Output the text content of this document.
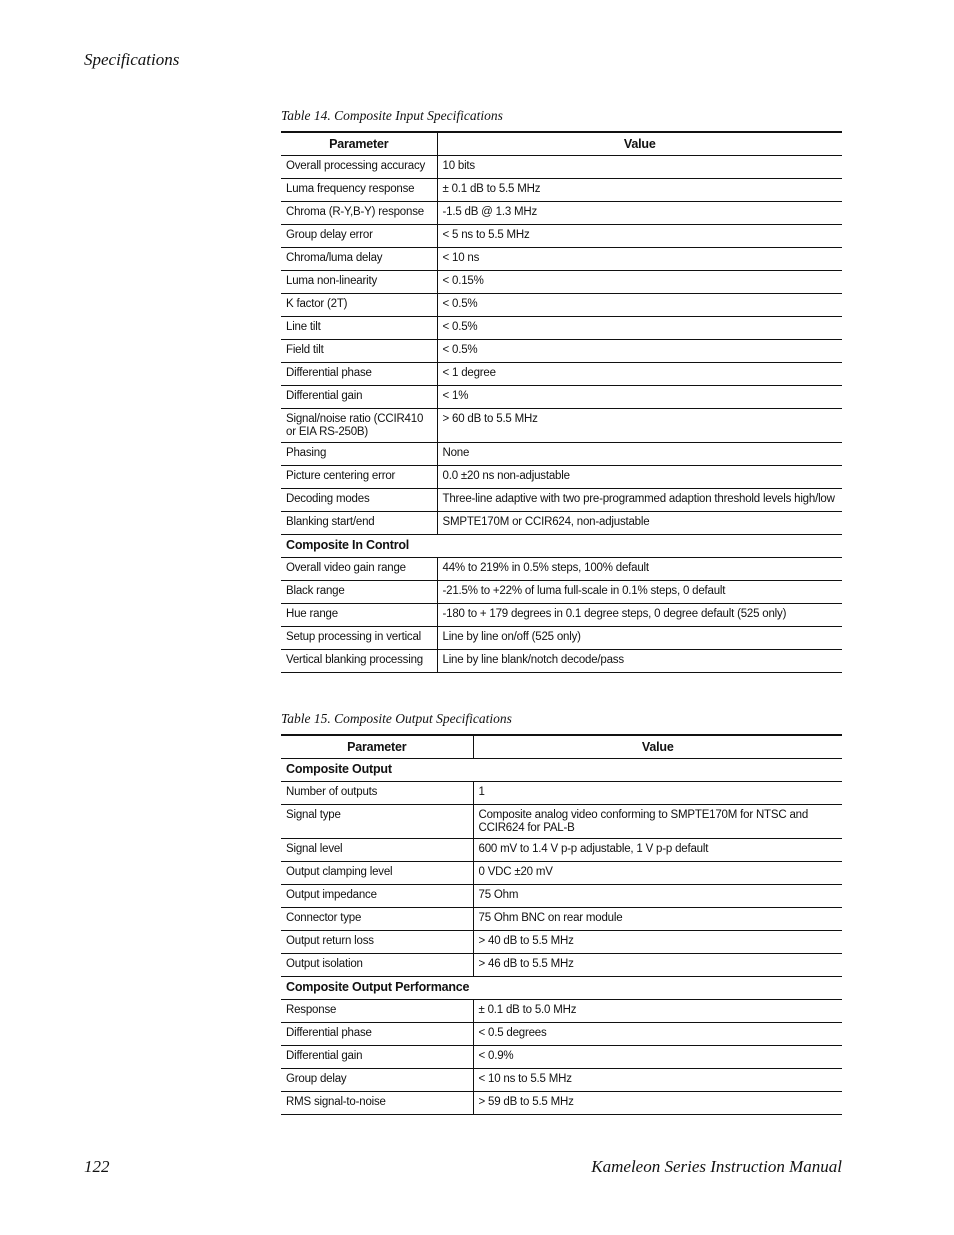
Specifications
Table 14. Composite Input Specifications
Parameter	Value
Overall processing accuracy	10 bits
Luma frequency response	± 0.1 dB to 5.5 MHz
Chroma (R-Y,B-Y) response	-1.5 dB @ 1.3 MHz
Group delay error	< 5 ns to 5.5 MHz
Chroma/luma delay	< 10 ns
Luma non-linearity	< 0.15%
K factor (2T)	< 0.5%
Line tilt	< 0.5%
Field tilt	< 0.5%
Differential phase	< 1 degree
Differential gain	< 1%
Signal/noise ratio (CCIR410 or EIA RS-250B)	> 60 dB to 5.5 MHz
Phasing	None
Picture centering error	0.0 ±20 ns non-adjustable
Decoding modes	Three-line adaptive with two pre-programmed adaption threshold levels high/low
Blanking start/end	SMPTE170M or CCIR624, non-adjustable
Composite In Control	
Overall video gain range	44% to 219% in 0.5% steps, 100% default
Black range	-21.5% to +22% of luma full-scale in 0.1% steps, 0 default
Hue range	-180 to + 179 degrees in 0.1 degree steps, 0 degree default (525 only)
Setup processing in vertical	Line by line on/off (525 only)
Vertical blanking processing	Line by line blank/notch decode/pass
Table 15. Composite Output Specifications
Parameter	Value
Composite Output	
Number of outputs	1
Signal type	Composite analog video conforming to SMPTE170M for NTSC and CCIR624 for PAL-B
Signal level	600 mV to 1.4 V p-p adjustable, 1 V p-p default
Output clamping level	0 VDC ±20 mV
Output impedance	75 Ohm
Connector type	75 Ohm BNC on rear module
Output return loss	> 40 dB to 5.5 MHz
Output isolation	> 46 dB to 5.5 MHz
Composite Output Performance	
Response	± 0.1 dB to 5.0 MHz
Differential phase	< 0.5 degrees
Differential gain	< 0.9%
Group delay	< 10 ns to 5.5 MHz
RMS signal-to-noise	> 59 dB to 5.5 MHz
122	Kameleon Series Instruction Manual
